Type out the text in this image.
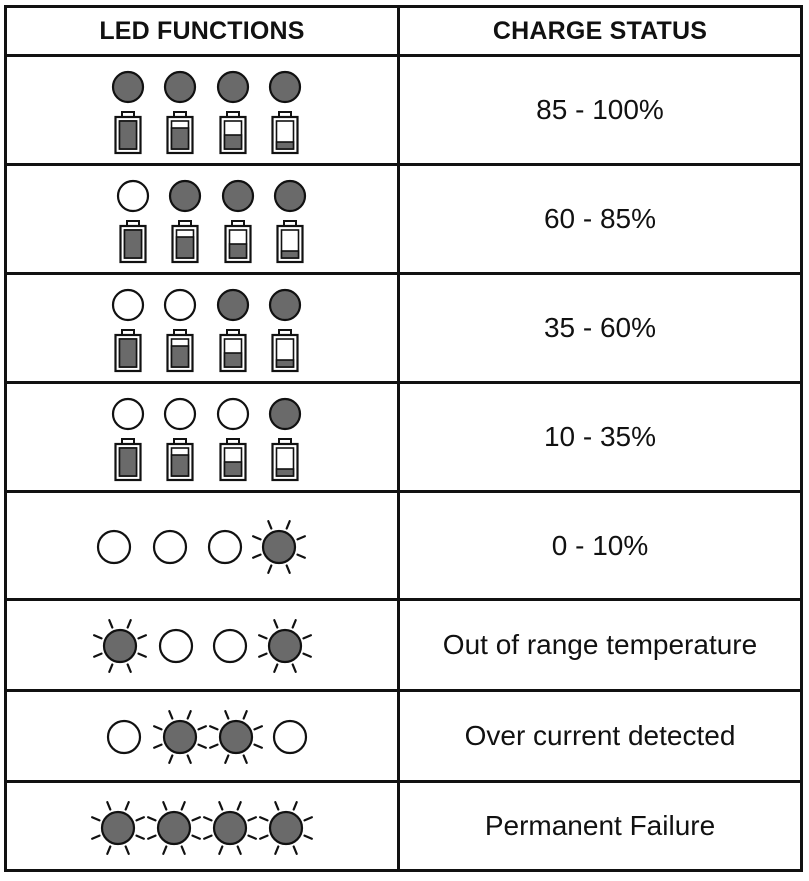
LED FUNCTIONS	CHARGE STATUS
85 - 100%
60 - 85%
35 - 60%
10 - 35%
0 - 10%
Out of range temperature
Over current detected
Permanent Failure
